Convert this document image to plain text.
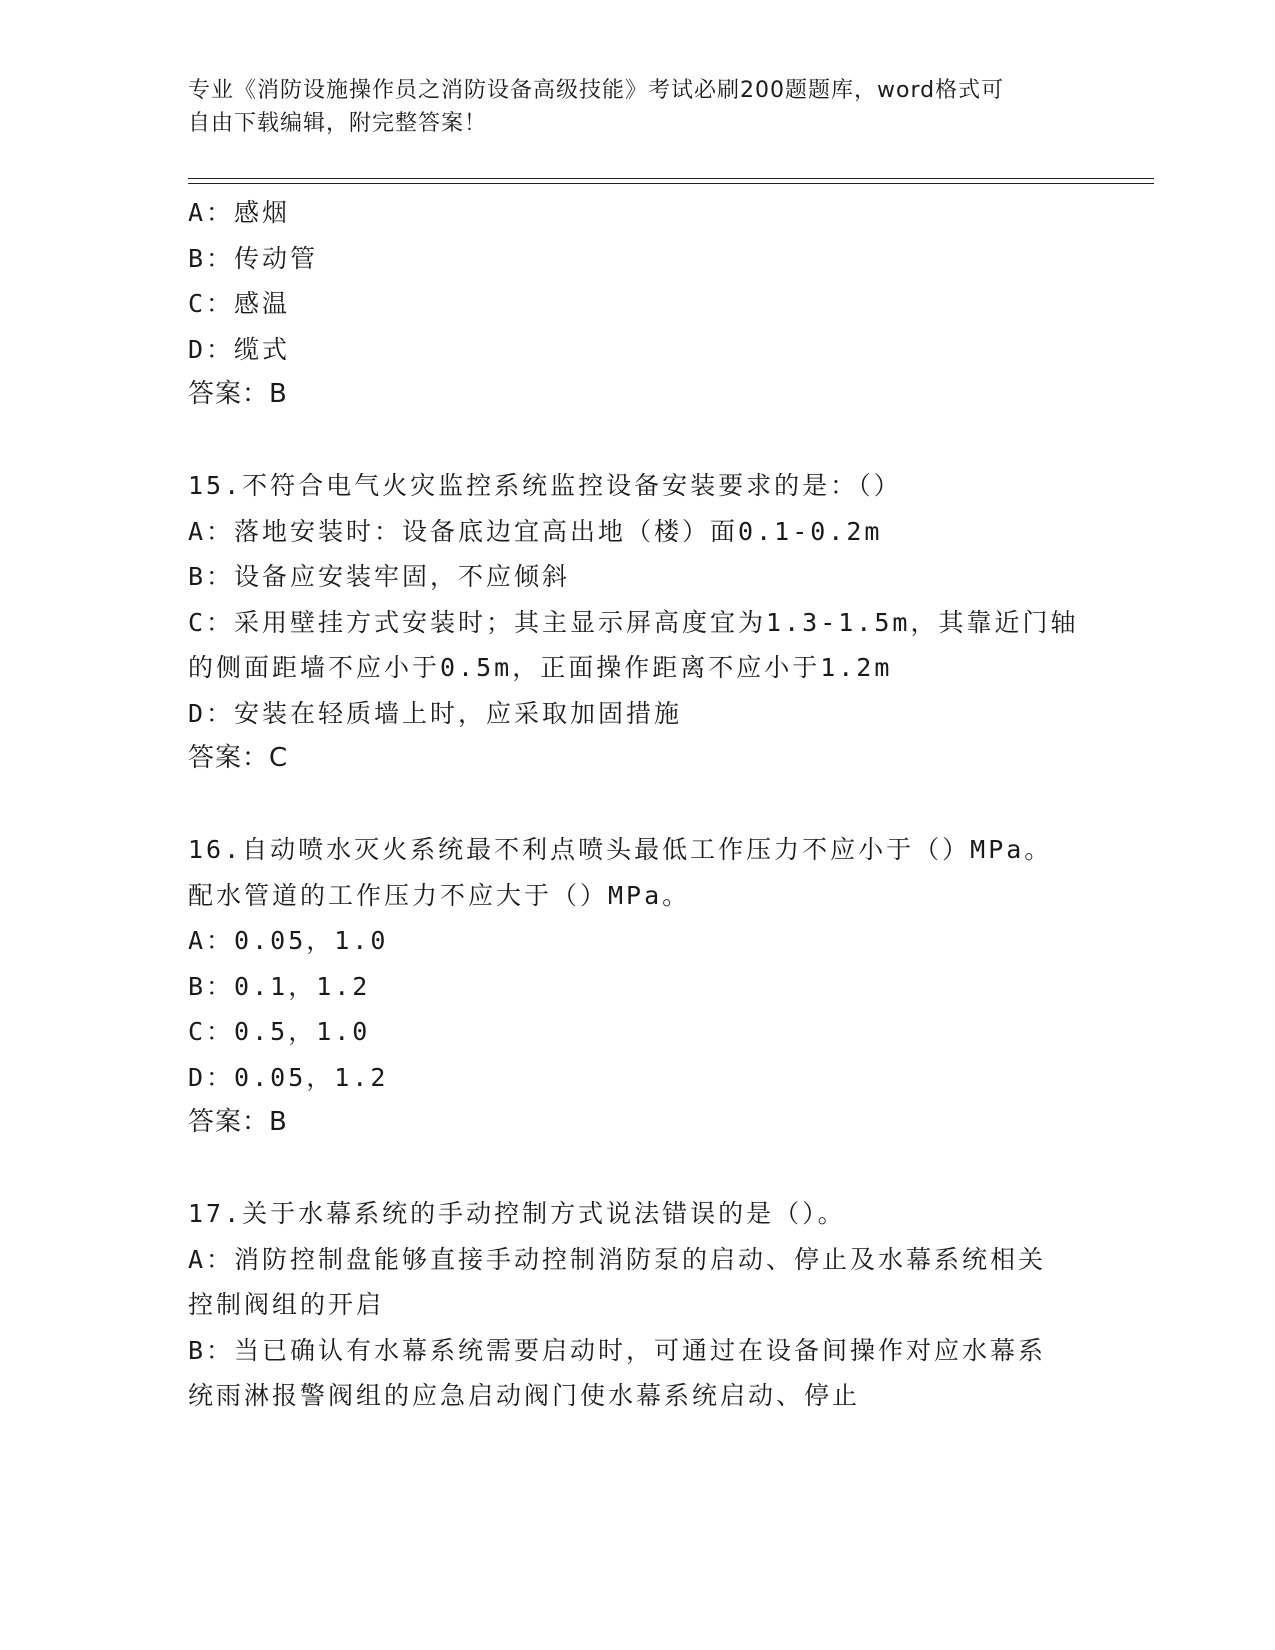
专业《消防设施操作员之消防设备高级技能》考试必刷200题题库，word格式可
自由下载编辑，附完整答案！
A：感烟
B：传动管
C：感温
D：缆式
答案：B
15.不符合电气火灾监控系统监控设备安装要求的是：（）
A：落地安装时：设备底边宜高出地（楼）面0.1-0.2m
B：设备应安装牢固，不应倾斜
C：采用壁挂方式安装时；其主显示屏高度宜为1.3-1.5m，其靠近门轴
的侧面距墙不应小于0.5m，正面操作距离不应小于1.2m
D：安装在轻质墙上时，应采取加固措施
答案：C
16.自动喷水灭火系统最不利点喷头最低工作压力不应小于（）MPa。
配水管道的工作压力不应大于（）MPa。
A：0.05，1.0
B：0.1，1.2
C：0.5，1.0
D：0.05，1.2
答案：B
17.关于水幕系统的手动控制方式说法错误的是（）。
A：消防控制盘能够直接手动控制消防泵的启动、停止及水幕系统相关
控制阀组的开启
B：当已确认有水幕系统需要启动时，可通过在设备间操作对应水幕系
统雨淋报警阀组的应急启动阀门使水幕系统启动、停止
